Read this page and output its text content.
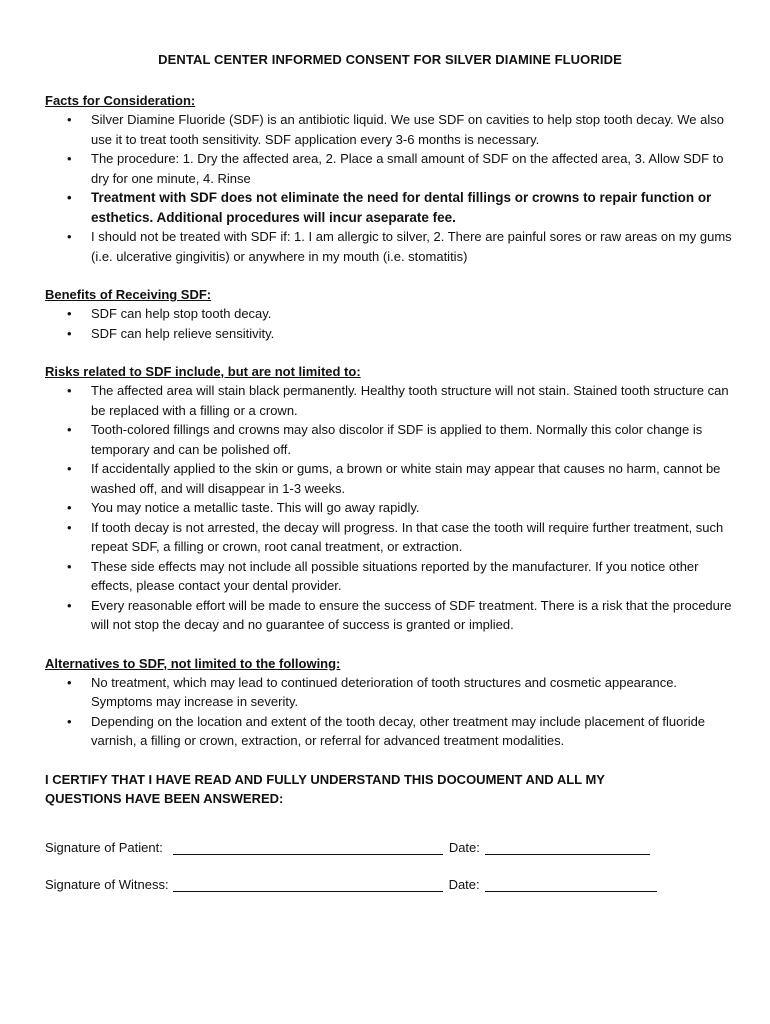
DENTAL CENTER INFORMED CONSENT FOR SILVER DIAMINE FLUORIDE
Facts for Consideration:
• Silver Diamine Fluoride (SDF) is an antibiotic liquid. We use SDF on cavities to help stop tooth decay. We also use it to treat tooth sensitivity. SDF application every 3-6 months is necessary.
• The procedure: 1. Dry the affected area, 2. Place a small amount of SDF on the affected area, 3. Allow SDF to dry for one minute, 4. Rinse
• Treatment with SDF does not eliminate the need for dental fillings or crowns to repair function or esthetics. Additional procedures will incur aseparate fee.
• I should not be treated with SDF if: 1. I am allergic to silver, 2. There are painful sores or raw areas on my gums (i.e. ulcerative gingivitis) or anywhere in my mouth (i.e. stomatitis)
Benefits of Receiving SDF:
• SDF can help stop tooth decay.
• SDF can help relieve sensitivity.
Risks related to SDF include, but are not limited to:
• The affected area will stain black permanently. Healthy tooth structure will not stain. Stained tooth structure can be replaced with a filling or a crown.
• Tooth-colored fillings and crowns may also discolor if SDF is applied to them. Normally this color change is temporary and can be polished off.
• If accidentally applied to the skin or gums, a brown or white stain may appear that causes no harm, cannot be washed off, and will disappear in 1-3 weeks.
• You may notice a metallic taste. This will go away rapidly.
• If tooth decay is not arrested, the decay will progress. In that case the tooth will require further treatment, such repeat SDF, a filling or crown, root canal treatment, or extraction.
• These side effects may not include all possible situations reported by the manufacturer. If you notice other effects, please contact your dental provider.
• Every reasonable effort will be made to ensure the success of SDF treatment. There is a risk that the procedure will not stop the decay and no guarantee of success is granted or implied.
Alternatives to SDF, not limited to the following:
• No treatment, which may lead to continued deterioration of tooth structures and cosmetic appearance. Symptoms may increase in severity.
• Depending on the location and extent of the tooth decay, other treatment may include placement of fluoride varnish, a filling or crown, extraction, or referral for advanced treatment modalities.
I CERTIFY THAT I HAVE READ AND FULLY UNDERSTAND THIS DOCOUMENT AND ALL MY QUESTIONS HAVE BEEN ANSWERED:
Signature of Patient:	Date:
Signature of Witness:	Date:
